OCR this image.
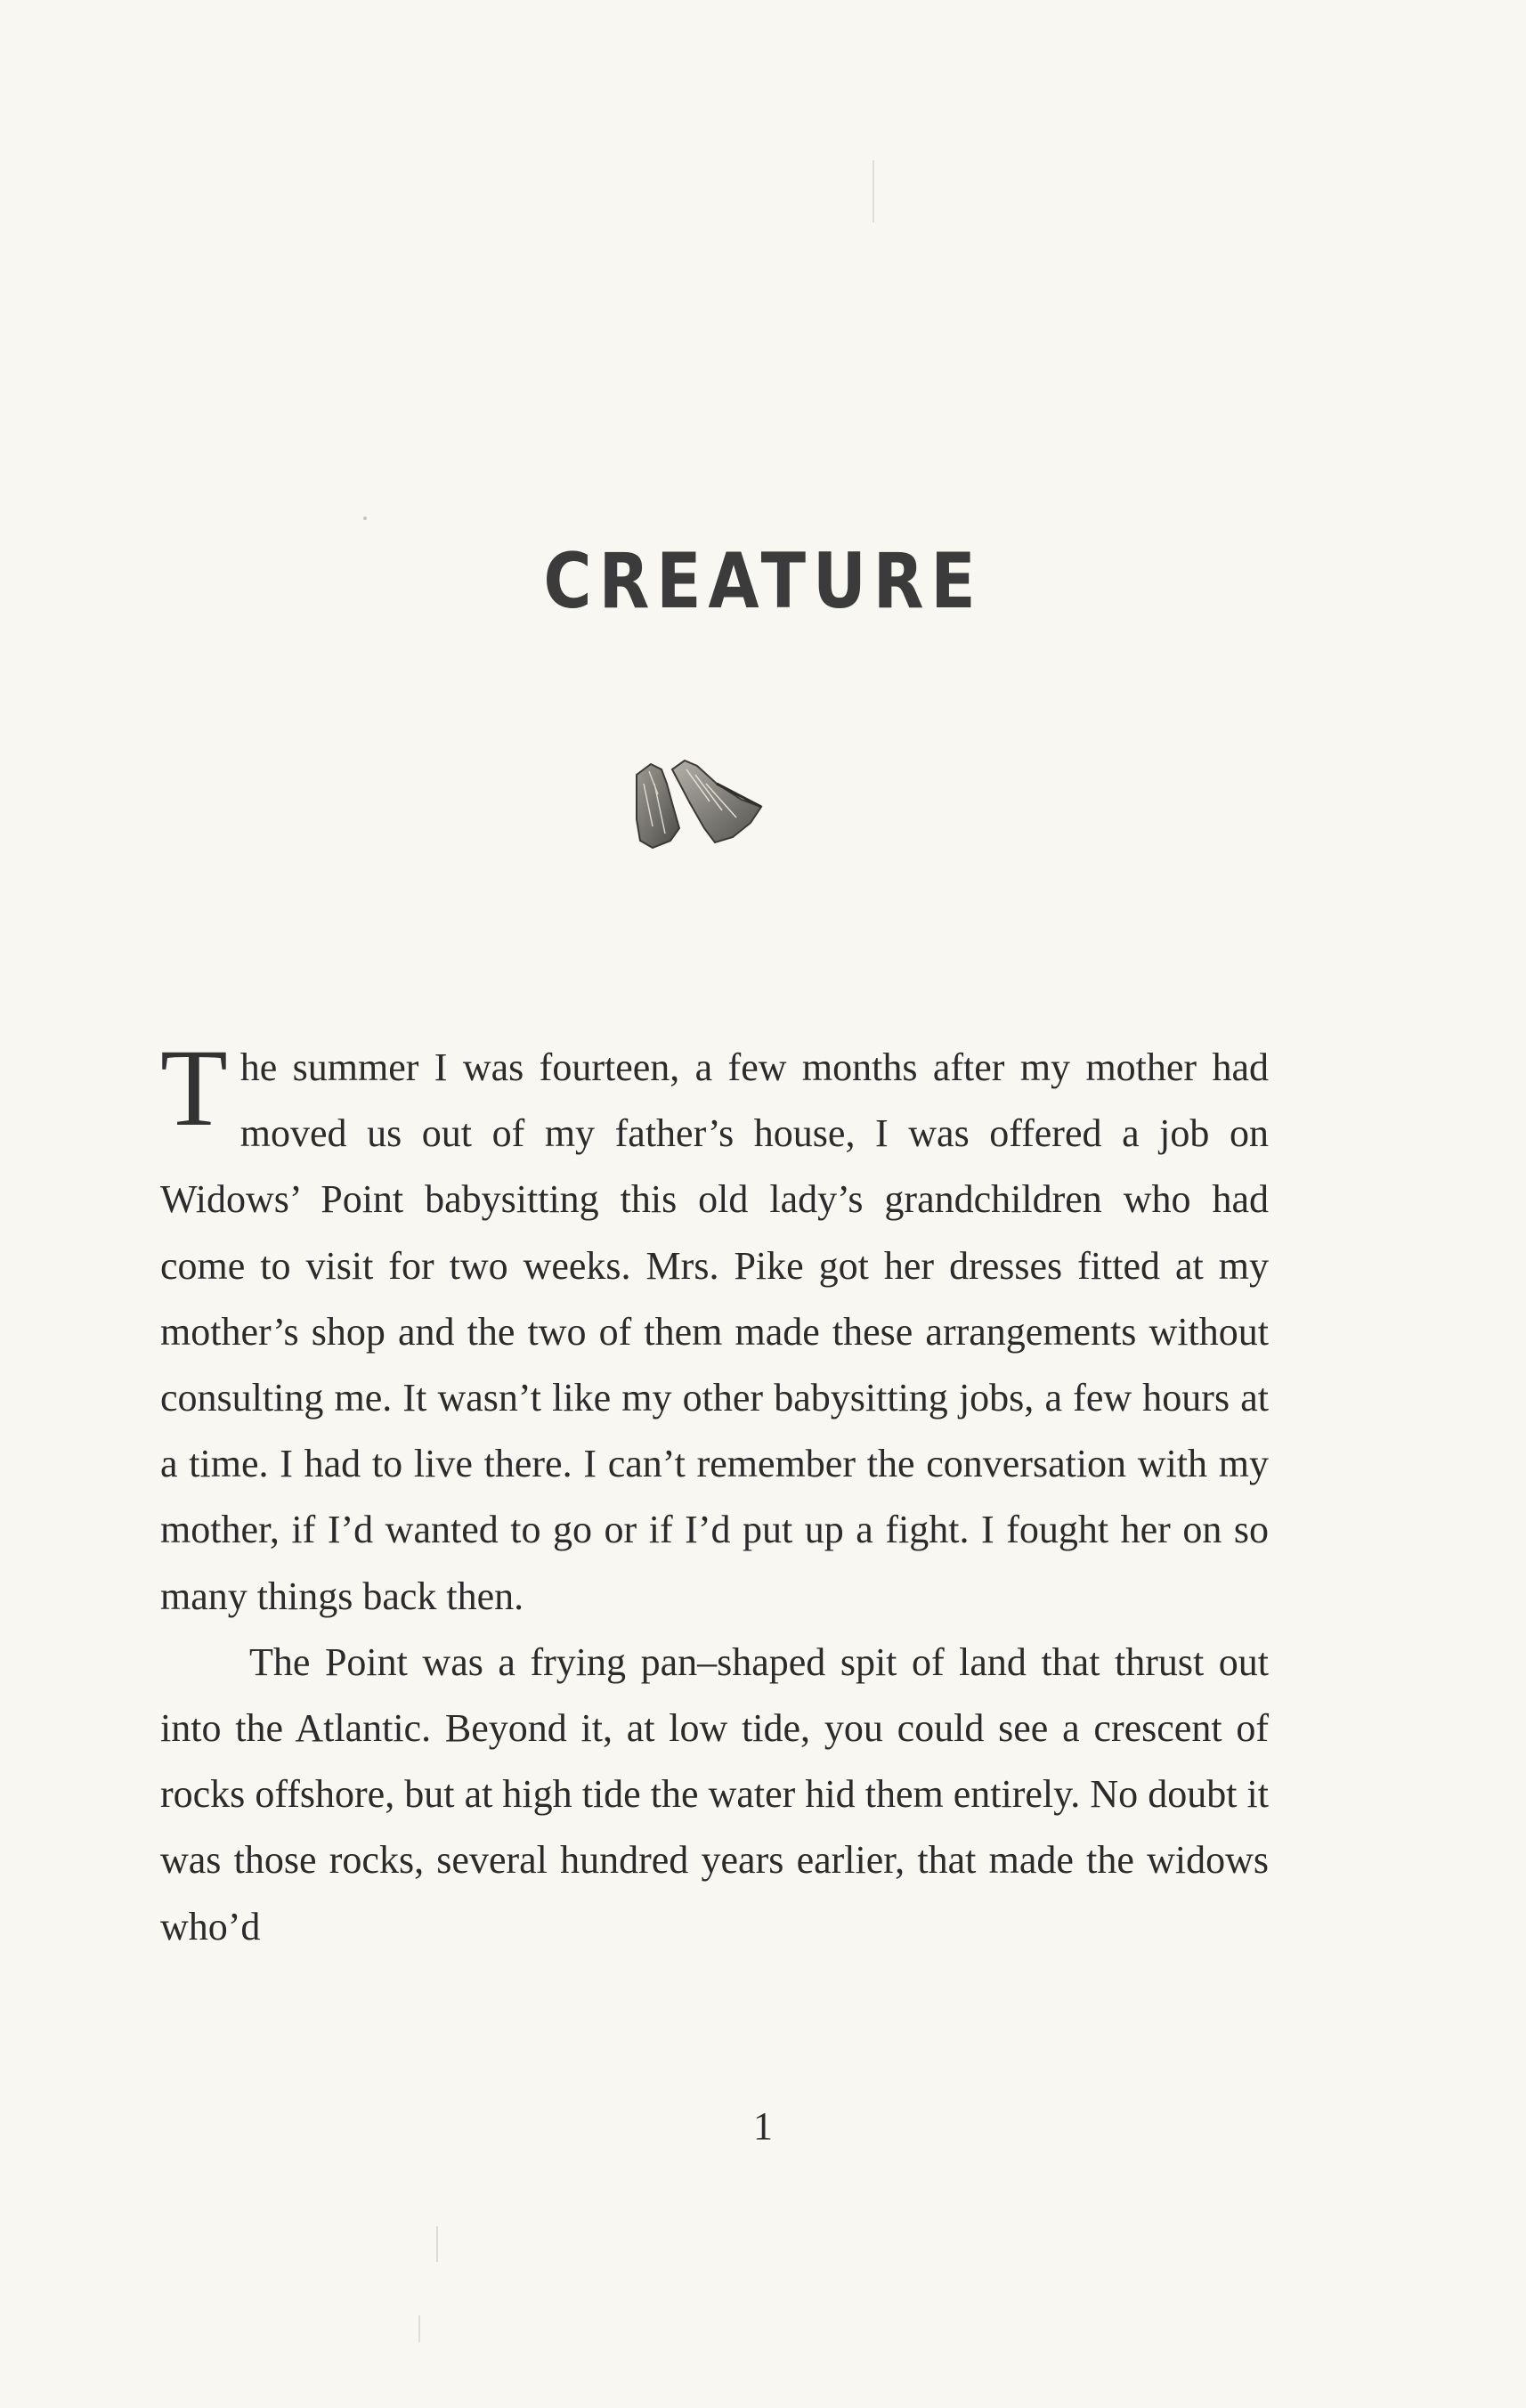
CREATURE

The summer I was fourteen, a few months after my mother had moved us out of my father’s house, I was offered a job on Widows’ Point babysitting this old lady’s grandchildren who had come to visit for two weeks. Mrs. Pike got her dresses fitted at my mother’s shop and the two of them made these arrangements without consulting me. It wasn’t like my other babysitting jobs, a few hours at a time. I had to live there. I can’t remember the conversation with my mother, if I’d wanted to go or if I’d put up a fight. I fought her on so many things back then.

The Point was a frying pan–shaped spit of land that thrust out into the Atlantic. Beyond it, at low tide, you could see a crescent of rocks offshore, but at high tide the water hid them entirely. No doubt it was those rocks, several hundred years earlier, that made the widows who’d

1
